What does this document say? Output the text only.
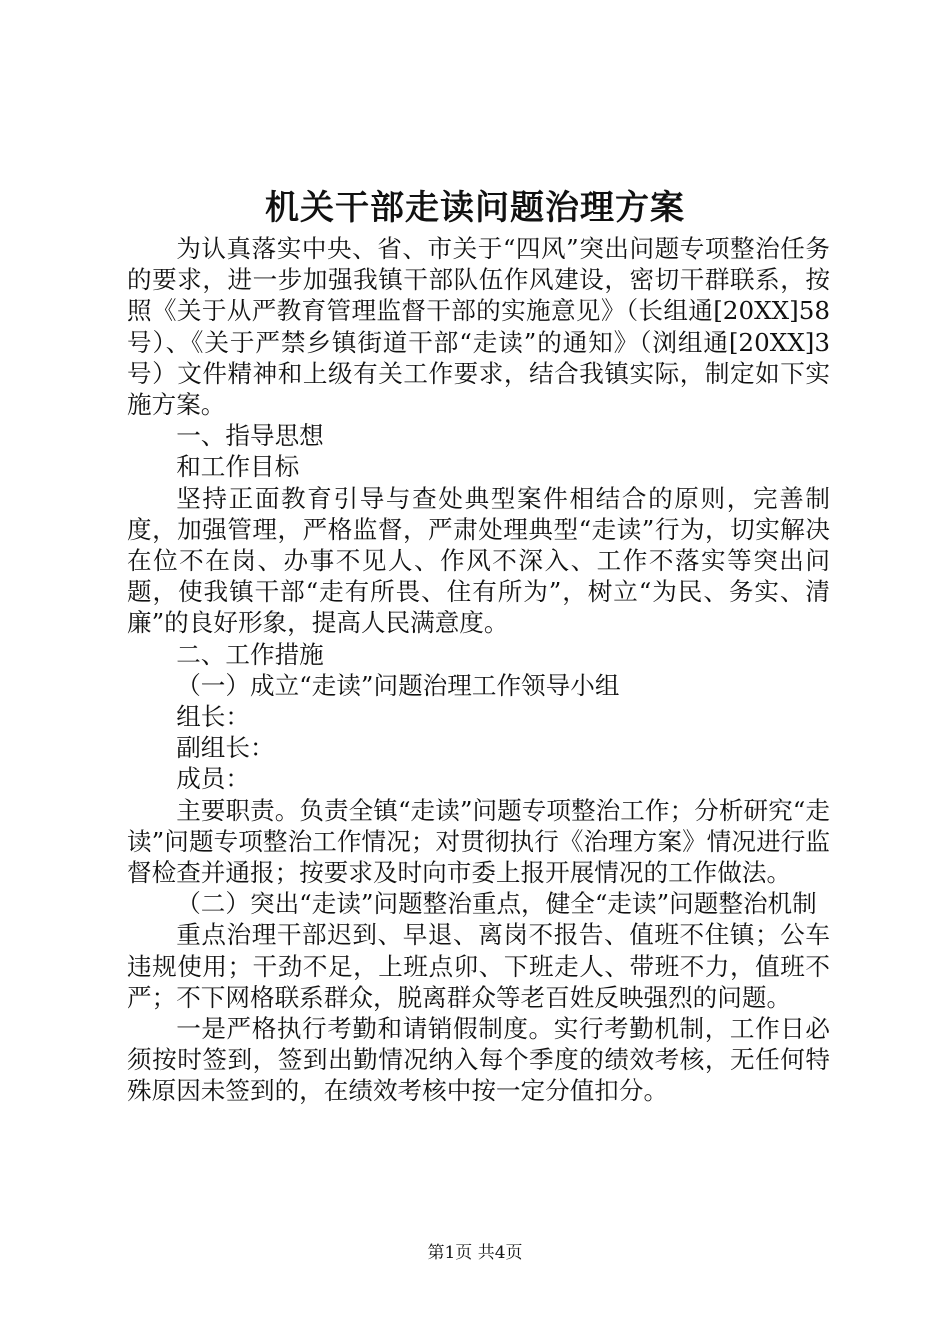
机关干部走读问题治理方案

为认真落实中央、省、市关于“四风”突出问题专项整治任务的要求，进一步加强我镇干部队伍作风建设，密切干群联系，按照《关于从严教育管理监督干部的实施意见》（长组通[20XX]58号）、《关于严禁乡镇街道干部“走读”的通知》（浏组通[20XX]3号）文件精神和上级有关工作要求，结合我镇实际，制定如下实施方案。

一、指导思想

和工作目标

坚持正面教育引导与查处典型案件相结合的原则，完善制度，加强管理，严格监督，严肃处理典型“走读”行为，切实解决在位不在岗、办事不见人、作风不深入、工作不落实等突出问题，使我镇干部“走有所畏、住有所为”，树立“为民、务实、清廉”的良好形象，提高人民满意度。

二、工作措施

（一）成立“走读”问题治理工作领导小组

组长：

副组长：

成员：

主要职责。负责全镇“走读”问题专项整治工作；分析研究“走读”问题专项整治工作情况；对贯彻执行《治理方案》情况进行监督检查并通报；按要求及时向市委上报开展情况的工作做法。

（二）突出“走读”问题整治重点，健全“走读”问题整治机制

重点治理干部迟到、早退、离岗不报告、值班不住镇；公车违规使用；干劲不足，上班点卯、下班走人、带班不力，值班不严；不下网格联系群众，脱离群众等老百姓反映强烈的问题。

一是严格执行考勤和请销假制度。实行考勤机制，工作日必须按时签到，签到出勤情况纳入每个季度的绩效考核，无任何特殊原因未签到的，在绩效考核中按一定分值扣分。

第1页 共4页
